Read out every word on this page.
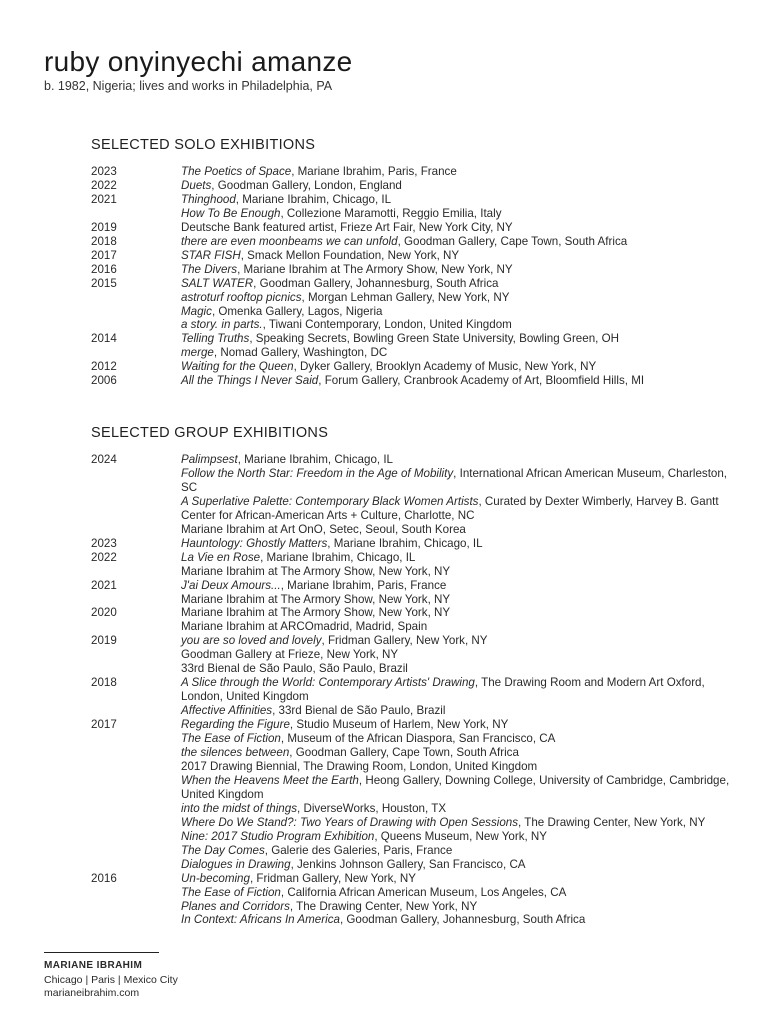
ruby onyinyechi amanze
b. 1982, Nigeria; lives and works in Philadelphia, PA
SELECTED SOLO EXHIBITIONS
2023	The Poetics of Space, Mariane Ibrahim, Paris, France
2022	Duets, Goodman Gallery, London, England
2021	Thinghood, Mariane Ibrahim, Chicago, IL
How To Be Enough, Collezione Maramotti, Reggio Emilia, Italy
2019	Deutsche Bank featured artist, Frieze Art Fair, New York City, NY
2018	there are even moonbeams we can unfold, Goodman Gallery, Cape Town, South Africa
2017	STAR FISH, Smack Mellon Foundation, New York, NY
2016	The Divers, Mariane Ibrahim at The Armory Show, New York, NY
2015	SALT WATER, Goodman Gallery, Johannesburg, South Africa
astroturf rooftop picnics, Morgan Lehman Gallery, New York, NY
Magic, Omenka Gallery, Lagos, Nigeria
a story. in parts., Tiwani Contemporary, London, United Kingdom
2014	Telling Truths, Speaking Secrets, Bowling Green State University, Bowling Green, OH
merge, Nomad Gallery, Washington, DC
2012	Waiting for the Queen, Dyker Gallery, Brooklyn Academy of Music, New York, NY
2006	All the Things I Never Said, Forum Gallery, Cranbrook Academy of Art, Bloomfield Hills, MI
SELECTED GROUP EXHIBITIONS
2024	Palimpsest, Mariane Ibrahim, Chicago, IL
Follow the North Star: Freedom in the Age of Mobility, International African American Museum, Charleston, SC
A Superlative Palette: Contemporary Black Women Artists, Curated by Dexter Wimberly, Harvey B. Gantt Center for African-American Arts + Culture, Charlotte, NC
Mariane Ibrahim at Art OnO, Setec, Seoul, South Korea
2023	Hauntology: Ghostly Matters, Mariane Ibrahim, Chicago, IL
2022	La Vie en Rose, Mariane Ibrahim, Chicago, IL
Mariane Ibrahim at The Armory Show, New York, NY
2021	J'ai Deux Amours..., Mariane Ibrahim, Paris, France
Mariane Ibrahim at The Armory Show, New York, NY
2020	Mariane Ibrahim at The Armory Show, New York, NY
Mariane Ibrahim at ARCOmadrid, Madrid, Spain
2019	you are so loved and lovely, Fridman Gallery, New York, NY
Goodman Gallery at Frieze, New York, NY
33rd Bienal de São Paulo, São Paulo, Brazil
2018	A Slice through the World: Contemporary Artists' Drawing, The Drawing Room and Modern Art Oxford, London, United Kingdom
Affective Affinities, 33rd Bienal de São Paulo, Brazil
2017	Regarding the Figure, Studio Museum of Harlem, New York, NY
The Ease of Fiction, Museum of the African Diaspora, San Francisco, CA
the silences between, Goodman Gallery, Cape Town, South Africa
2017 Drawing Biennial, The Drawing Room, London, United Kingdom
When the Heavens Meet the Earth, Heong Gallery, Downing College, University of Cambridge, Cambridge, United Kingdom
into the midst of things, DiverseWorks, Houston, TX
Where Do We Stand?: Two Years of Drawing with Open Sessions, The Drawing Center, New York, NY
Nine: 2017 Studio Program Exhibition, Queens Museum, New York, NY
The Day Comes, Galerie des Galeries, Paris, France
Dialogues in Drawing, Jenkins Johnson Gallery, San Francisco, CA
2016	Un-becoming, Fridman Gallery, New York, NY
The Ease of Fiction, California African American Museum, Los Angeles, CA
Planes and Corridors, The Drawing Center, New York, NY
In Context: Africans In America, Goodman Gallery, Johannesburg, South Africa
MARIANE IBRAHIM
Chicago | Paris | Mexico City
marianeibrahim.com
